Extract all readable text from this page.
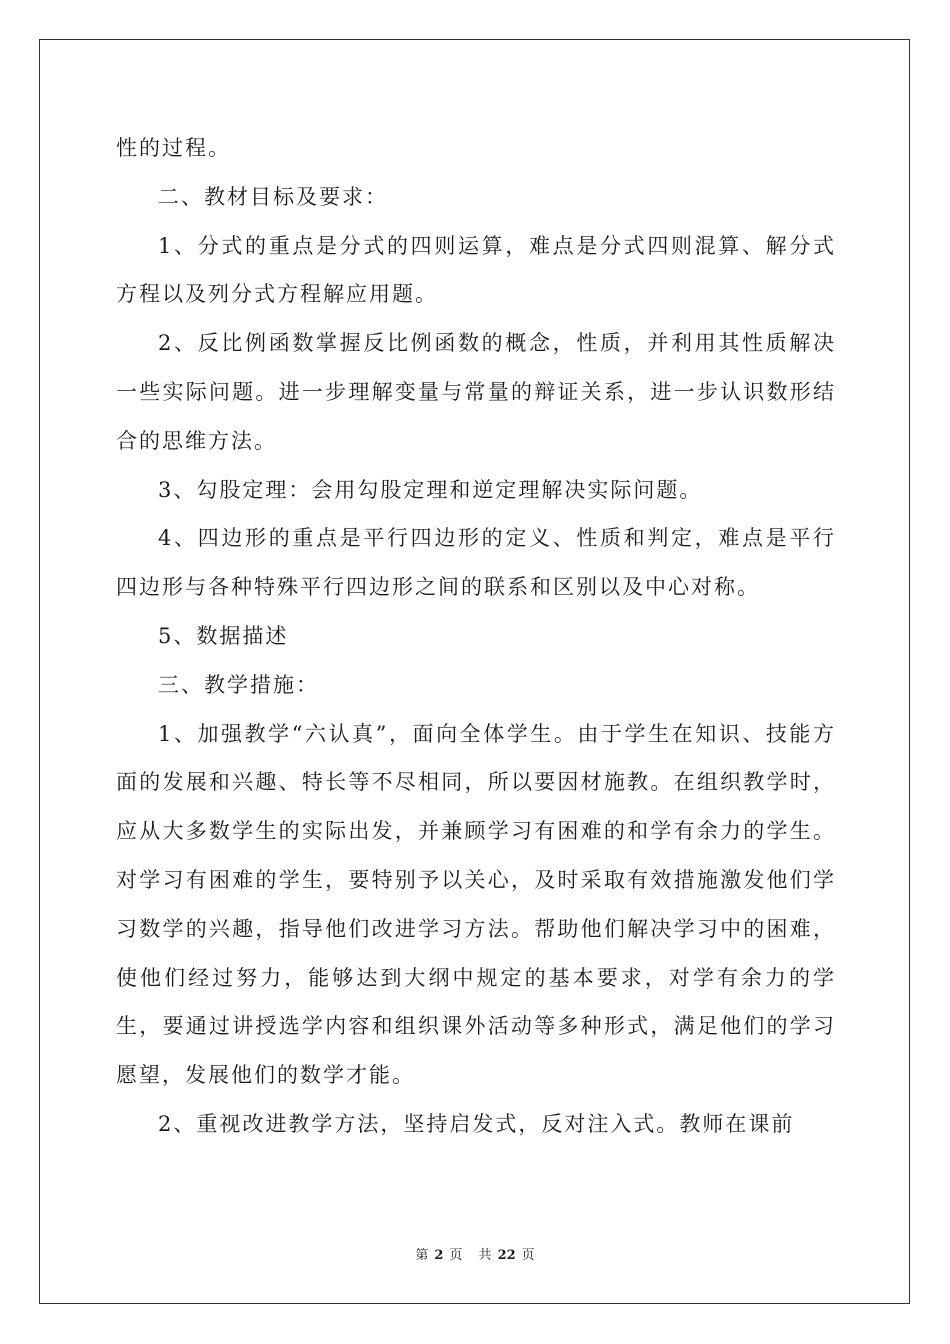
性的过程。

二、教材目标及要求：

1、分式的重点是分式的四则运算，难点是分式四则混算、解分式方程以及列分式方程解应用题。

2、反比例函数掌握反比例函数的概念，性质，并利用其性质解决一些实际问题。进一步理解变量与常量的辩证关系，进一步认识数形结合的思维方法。

3、勾股定理：会用勾股定理和逆定理解决实际问题。

4、四边形的重点是平行四边形的定义、性质和判定，难点是平行四边形与各种特殊平行四边形之间的联系和区别以及中心对称。

5、数据描述

三、教学措施：

1、加强教学“六认真”，面向全体学生。由于学生在知识、技能方面的发展和兴趣、特长等不尽相同，所以要因材施教。在组织教学时，应从大多数学生的实际出发，并兼顾学习有困难的和学有余力的学生。对学习有困难的学生，要特别予以关心，及时采取有效措施激发他们学习数学的兴趣，指导他们改进学习方法。帮助他们解决学习中的困难，使他们经过努力，能够达到大纲中规定的基本要求，对学有余力的学生，要通过讲授选学内容和组织课外活动等多种形式，满足他们的学习愿望，发展他们的数学才能。

2、重视改进教学方法，坚持启发式，反对注入式。教师在课前

第 2 页 共 22 页
